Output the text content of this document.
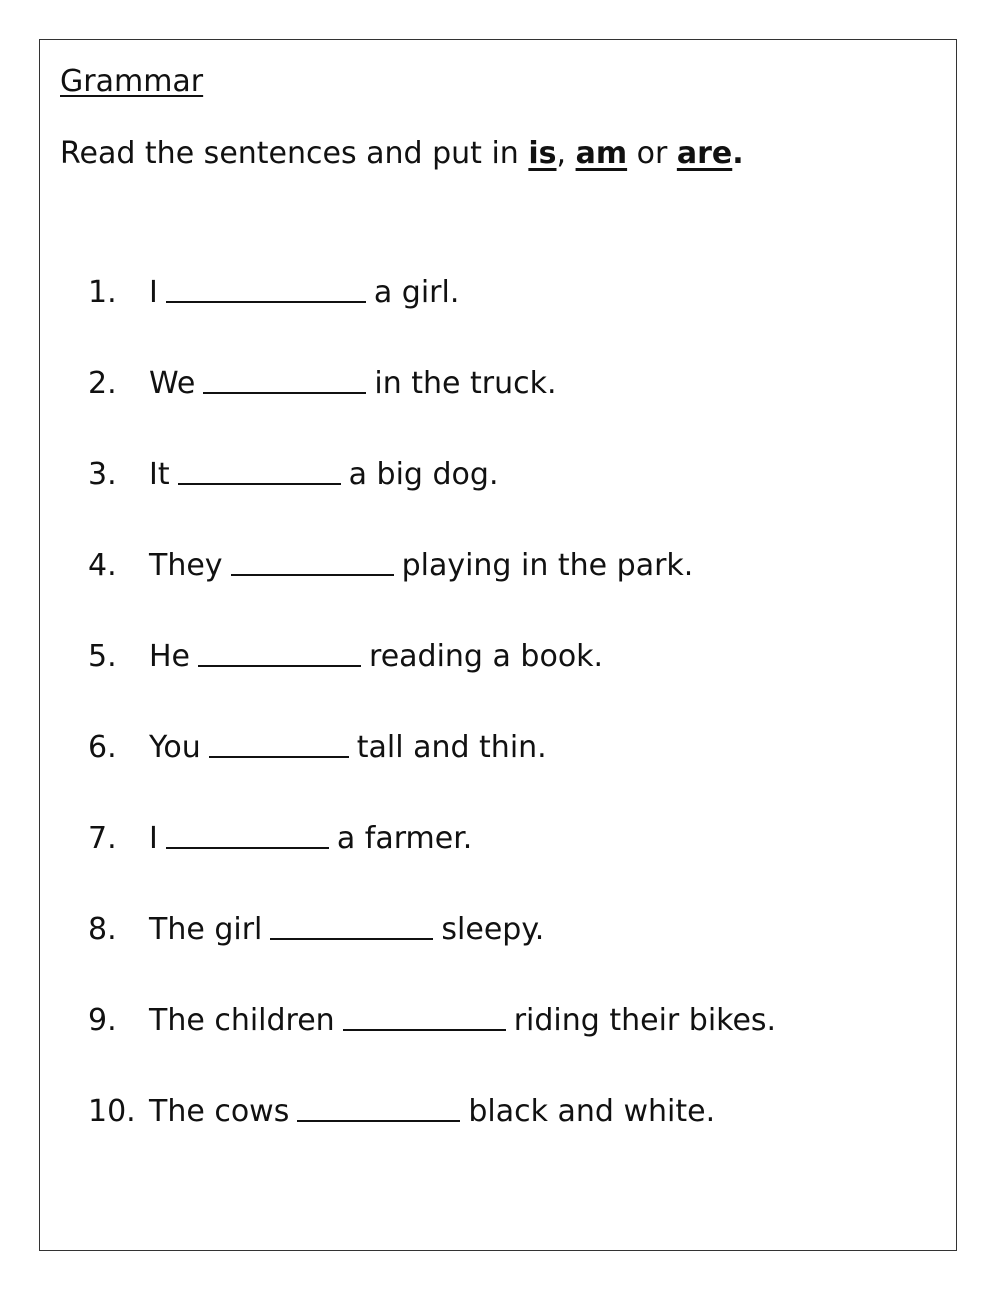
Grammar
Read the sentences and put in is, am or are.
1.	I	a girl.
2.	We	in the truck.
3.	It	a big dog.
4.	They	playing in the park.
5.	He	reading a book.
6.	You	tall and thin.
7.	I	a farmer.
8.	The girl	sleepy.
9.	The children	riding their bikes.
10. The cows	black and white.
